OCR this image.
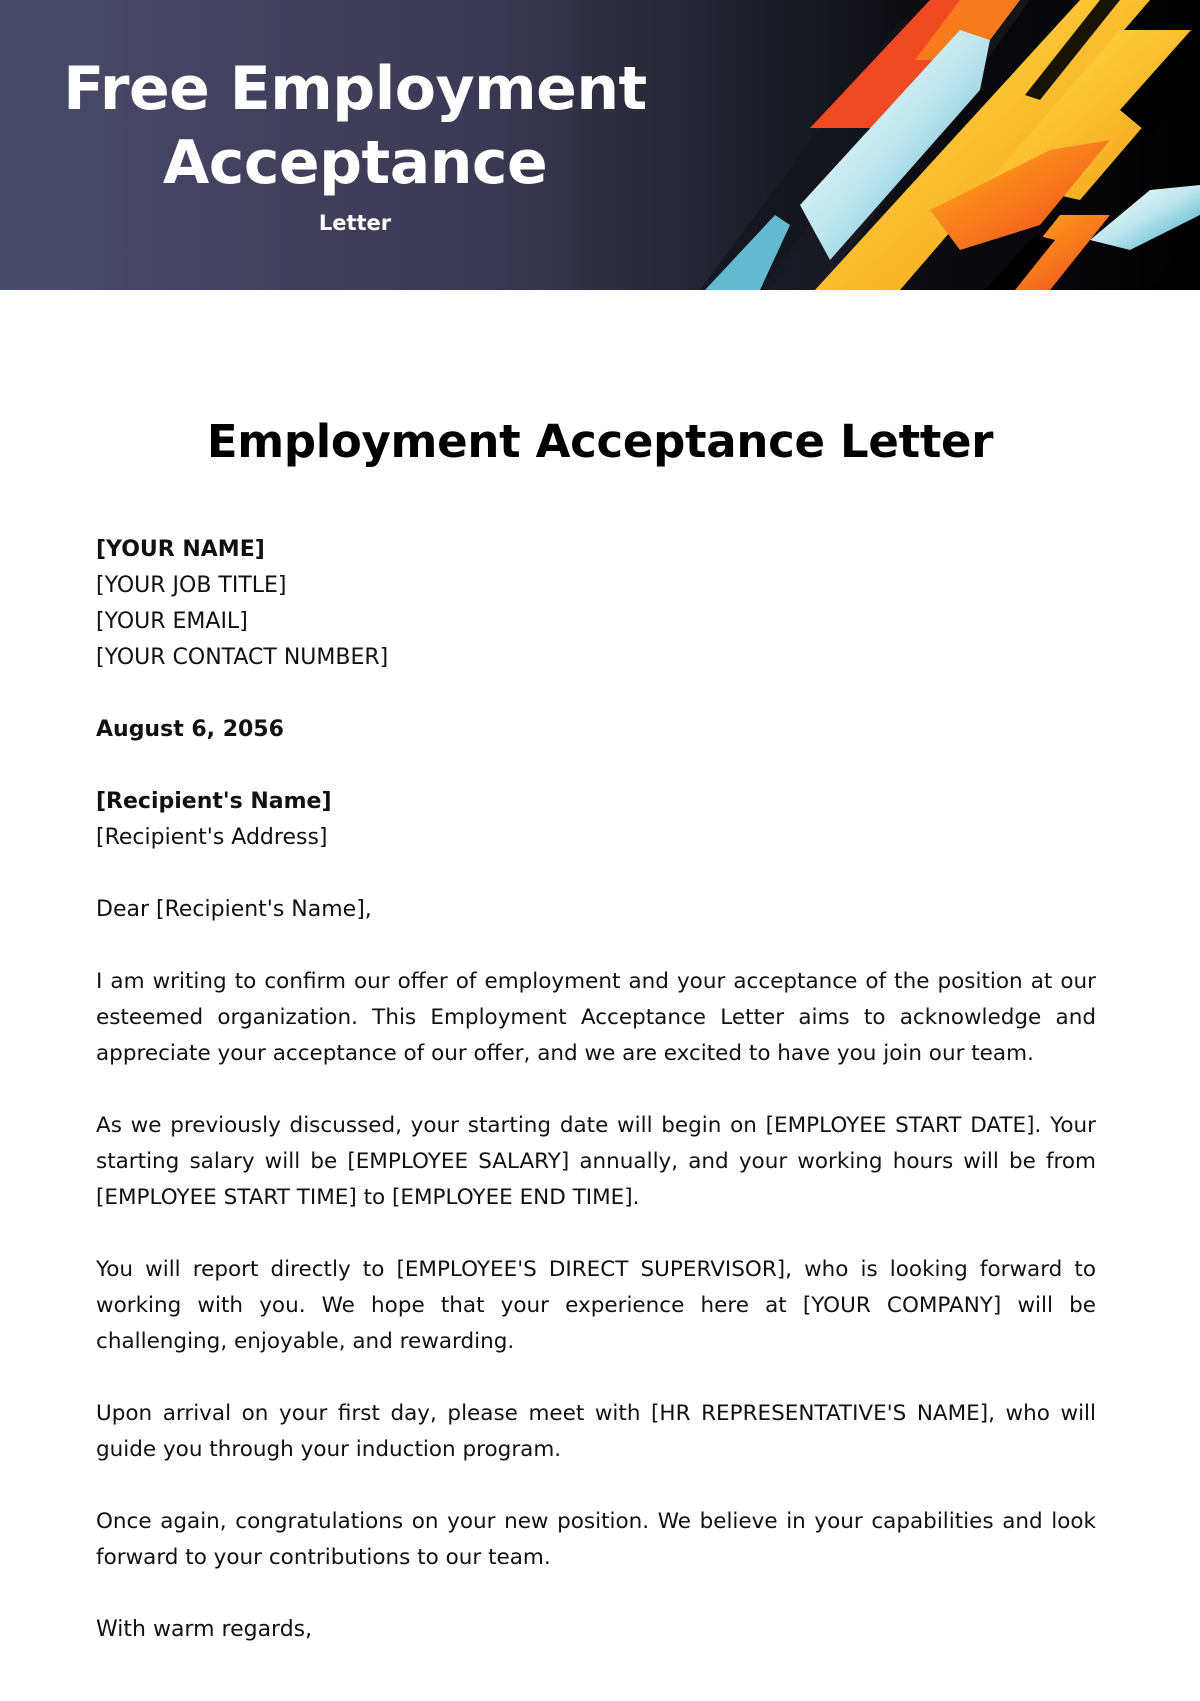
Free Employment Acceptance
Letter
Employment Acceptance Letter
[YOUR NAME]
[YOUR JOB TITLE]
[YOUR EMAIL]
[YOUR CONTACT NUMBER]
August 6, 2056
[Recipient's Name]
[Recipient's Address]
Dear [Recipient's Name],

I am writing to confirm our offer of employment and your acceptance of the position at our esteemed organization. This Employment Acceptance Letter aims to acknowledge and appreciate your acceptance of our offer, and we are excited to have you join our team.

As we previously discussed, your starting date will begin on [EMPLOYEE START DATE]. Your starting salary will be [EMPLOYEE SALARY] annually, and your working hours will be from [EMPLOYEE START TIME] to [EMPLOYEE END TIME].

You will report directly to [EMPLOYEE'S DIRECT SUPERVISOR], who is looking forward to working with you. We hope that your experience here at [YOUR COMPANY] will be challenging, enjoyable, and rewarding.

Upon arrival on your first day, please meet with [HR REPRESENTATIVE'S NAME], who will guide you through your induction program.

Once again, congratulations on your new position. We believe in your capabilities and look forward to your contributions to our team.

With warm regards,
